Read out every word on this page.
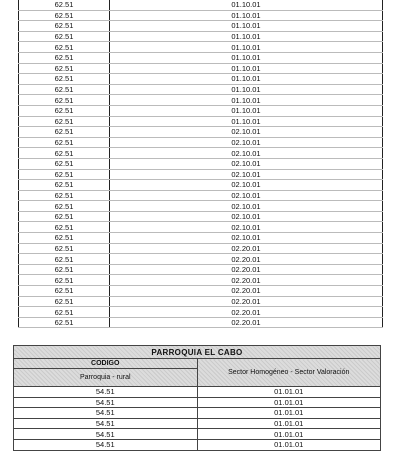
62.51	01.10.01
62.51	01.10.01
62.51	01.10.01
62.51	01.10.01
62.51	01.10.01
62.51	01.10.01
62.51	01.10.01
62.51	01.10.01
62.51	01.10.01
62.51	01.10.01
62.51	01.10.01
62.51	01.10.01
62.51	02.10.01
62.51	02.10.01
62.51	02.10.01
62.51	02.10.01
62.51	02.10.01
62.51	02.10.01
62.51	02.10.01
62.51	02.10.01
62.51	02.10.01
62.51	02.10.01
62.51	02.10.01
62.51	02.20.01
62.51	02.20.01
62.51	02.20.01
62.51	02.20.01
62.51	02.20.01
62.51	02.20.01
62.51	02.20.01
62.51	02.20.01
PARROQUIA EL CABO	
CODIGO	Sector Homogéneo - Sector Valoración
Parroquia - rural	
54.51	01.01.01
54.51	01.01.01
54.51	01.01.01
54.51	01.01.01
54.51	01.01.01
54.51	01.01.01
